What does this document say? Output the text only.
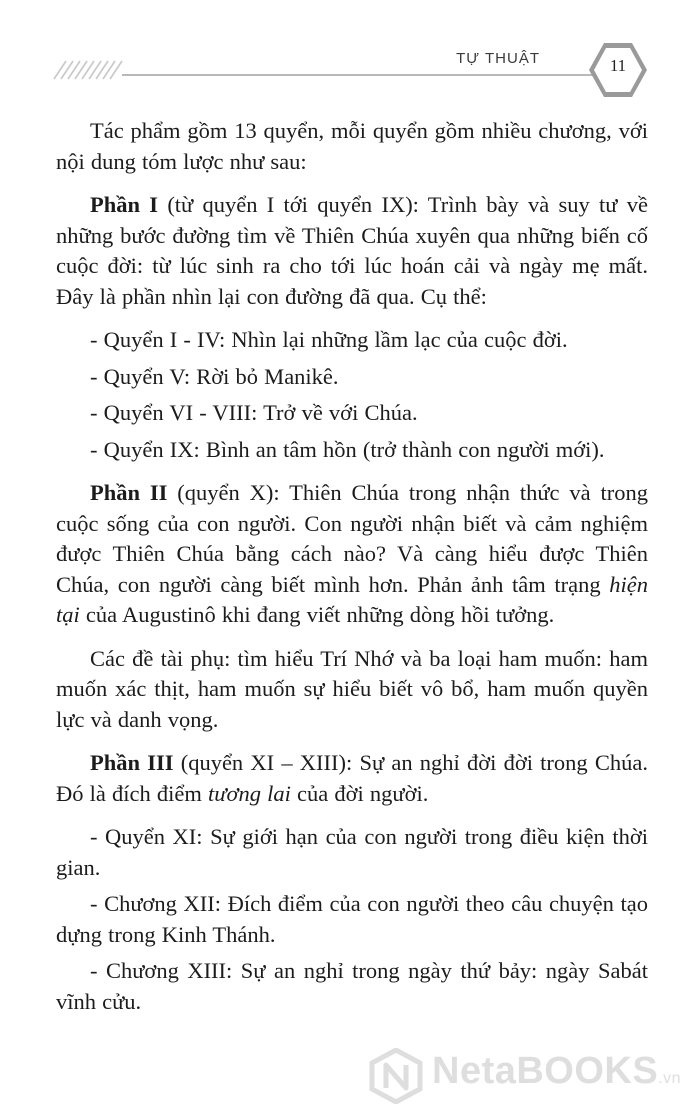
TỰ THUẬT	11

Tác phẩm gồm 13 quyển, mỗi quyển gồm nhiều chương, với nội dung tóm lược như sau:

Phần I (từ quyển I tới quyển IX): Trình bày và suy tư về những bước đường tìm về Thiên Chúa xuyên qua những biến cố cuộc đời: từ lúc sinh ra cho tới lúc hoán cải và ngày mẹ mất. Đây là phần nhìn lại con đường đã qua. Cụ thể:

- Quyển I - IV: Nhìn lại những lầm lạc của cuộc đời.

- Quyển V: Rời bỏ Manikê.

- Quyển VI - VIII: Trở về với Chúa.

- Quyển IX: Bình an tâm hồn (trở thành con người mới).

Phần II (quyển X): Thiên Chúa trong nhận thức và trong cuộc sống của con người. Con người nhận biết và cảm nghiệm được Thiên Chúa bằng cách nào? Và càng hiểu được Thiên Chúa, con người càng biết mình hơn. Phản ảnh tâm trạng hiện tại của Augustinô khi đang viết những dòng hồi tưởng.

Các đề tài phụ: tìm hiểu Trí Nhớ và ba loại ham muốn: ham muốn xác thịt, ham muốn sự hiểu biết vô bổ, ham muốn quyền lực và danh vọng.

Phần III (quyển XI – XIII): Sự an nghỉ đời đời trong Chúa. Đó là đích điểm tương lai của đời người.

- Quyển XI: Sự giới hạn của con người trong điều kiện thời gian.

- Chương XII: Đích điểm của con người theo câu chuyện tạo dựng trong Kinh Thánh.

- Chương XIII: Sự an nghỉ trong ngày thứ bảy: ngày Sabát vĩnh cửu.

NetaBOOKS.vn
